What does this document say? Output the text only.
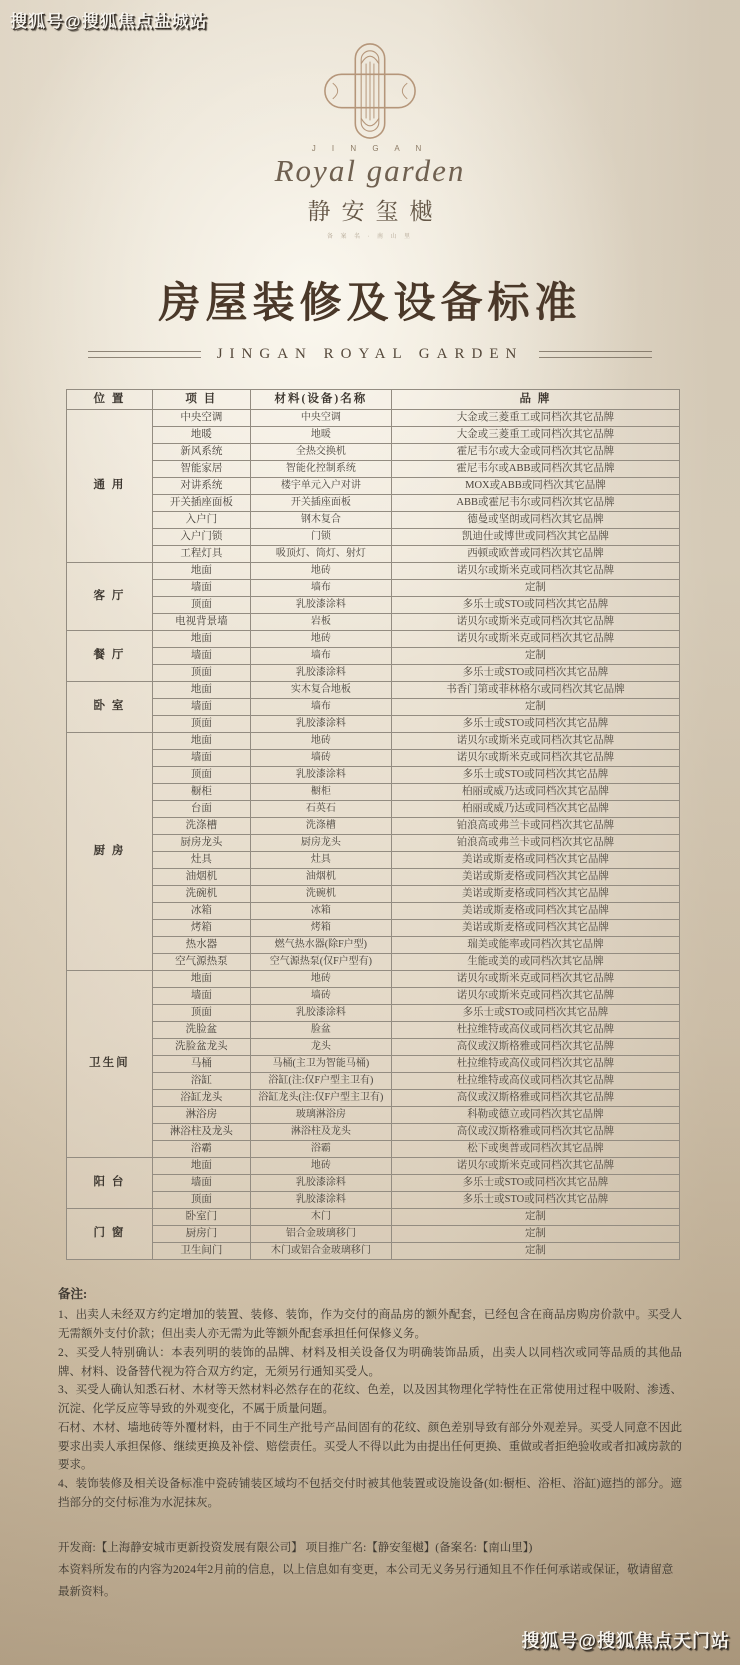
搜狐号@搜狐焦点盐城站
J I N G A N
Royal garden
静安玺樾
备 案 名 · 南 山 里
房屋装修及设备标准
JINGAN ROYAL GARDEN
位 置	项 目	材料(设备)名称	品 牌
通 用	中央空调	中央空调	大金或三菱重工或同档次其它品牌
	地暖	地暖	大金或三菱重工或同档次其它品牌
	新风系统	全热交换机	霍尼韦尔或大金或同档次其它品牌
	智能家居	智能化控制系统	霍尼韦尔或ABB或同档次其它品牌
	对讲系统	楼宇单元入户对讲	MOX或ABB或同档次其它品牌
	开关插座面板	开关插座面板	ABB或霍尼韦尔或同档次其它品牌
	入户门	钢木复合	德曼或坚朗或同档次其它品牌
	入户门锁	门锁	凯迪仕或博世或同档次其它品牌
	工程灯具	吸顶灯、筒灯、射灯	西顿或欧普或同档次其它品牌
客 厅	地面	地砖	诺贝尔或斯米克或同档次其它品牌
	墙面	墙布	定制
	顶面	乳胶漆涂料	多乐士或STO或同档次其它品牌
	电视背景墙	岩板	诺贝尔或斯米克或同档次其它品牌
餐 厅	地面	地砖	诺贝尔或斯米克或同档次其它品牌
	墙面	墙布	定制
	顶面	乳胶漆涂料	多乐士或STO或同档次其它品牌
卧 室	地面	实木复合地板	书香门第或菲林格尔或同档次其它品牌
	墙面	墙布	定制
	顶面	乳胶漆涂料	多乐士或STO或同档次其它品牌
厨 房	地面	地砖	诺贝尔或斯米克或同档次其它品牌
	墙面	墙砖	诺贝尔或斯米克或同档次其它品牌
	顶面	乳胶漆涂料	多乐士或STO或同档次其它品牌
	橱柜	橱柜	柏丽或威乃达或同档次其它品牌
	台面	石英石	柏丽或威乃达或同档次其它品牌
	洗涤槽	洗涤槽	铂浪高或弗兰卡或同档次其它品牌
	厨房龙头	厨房龙头	铂浪高或弗兰卡或同档次其它品牌
	灶具	灶具	美诺或斯麦格或同档次其它品牌
	油烟机	油烟机	美诺或斯麦格或同档次其它品牌
	洗碗机	洗碗机	美诺或斯麦格或同档次其它品牌
	冰箱	冰箱	美诺或斯麦格或同档次其它品牌
	烤箱	烤箱	美诺或斯麦格或同档次其它品牌
	热水器	燃气热水器(除F户型)	瑞美或能率或同档次其它品牌
	空气源热泵	空气源热泵(仅F户型有)	生能或美的或同档次其它品牌
卫生间	地面	地砖	诺贝尔或斯米克或同档次其它品牌
	墙面	墙砖	诺贝尔或斯米克或同档次其它品牌
	顶面	乳胶漆涂料	多乐士或STO或同档次其它品牌
	洗脸盆	脸盆	杜拉维特或高仪或同档次其它品牌
	洗脸盆龙头	龙头	高仪或汉斯格雅或同档次其它品牌
	马桶	马桶(主卫为智能马桶)	杜拉维特或高仪或同档次其它品牌
	浴缸	浴缸(注:仅F户型主卫有)	杜拉维特或高仪或同档次其它品牌
	浴缸龙头	浴缸龙头(注:仅F户型主卫有)	高仪或汉斯格雅或同档次其它品牌
	淋浴房	玻璃淋浴房	科勒或德立或同档次其它品牌
	淋浴柱及龙头	淋浴柱及龙头	高仪或汉斯格雅或同档次其它品牌
	浴霸	浴霸	松下或奥普或同档次其它品牌
阳 台	地面	地砖	诺贝尔或斯米克或同档次其它品牌
	墙面	乳胶漆涂料	多乐士或STO或同档次其它品牌
	顶面	乳胶漆涂料	多乐士或STO或同档次其它品牌
门 窗	卧室门	木门	定制
	厨房门	铝合金玻璃移门	定制
	卫生间门	木门或铝合金玻璃移门	定制
备注:

1、出卖人未经双方约定增加的装置、装修、装饰，作为交付的商品房的额外配套，已经包含在商品房购房价款中。买受人无需额外支付价款；但出卖人亦无需为此等额外配套承担任何保修义务。

2、买受人特别确认：本表列明的装饰的品牌、材料及相关设备仅为明确装饰品质，出卖人以同档次或同等品质的其他品牌、材料、设备替代视为符合双方约定，无须另行通知买受人。

3、买受人确认知悉石材、木材等天然材料必然存在的花纹、色差，以及因其物理化学特性在正常使用过程中吸附、渗透、沉淀、化学反应等导致的外观变化，不属于质量问题。

石材、木材、墙地砖等外覆材料，由于不同生产批号产品间固有的花纹、颜色差别导致有部分外观差异。买受人同意不因此要求出卖人承担保修、继续更换及补偿、赔偿责任。买受人不得以此为由提出任何更换、重做或者拒绝验收或者扣减房款的要求。

4、装饰装修及相关设备标准中瓷砖铺装区域均不包括交付时被其他装置或设施设备(如:橱柜、浴柜、浴缸)遮挡的部分。遮挡部分的交付标准为水泥抹灰。

开发商:【上海静安城市更新投资发展有限公司】 项目推广名:【静安玺樾】(备案名:【南山里】)

本资料所发布的内容为2024年2月前的信息，以上信息如有变更，本公司无义务另行通知且不作任何承诺或保证，敬请留意最新资料。

搜狐号@搜狐焦点天门站
